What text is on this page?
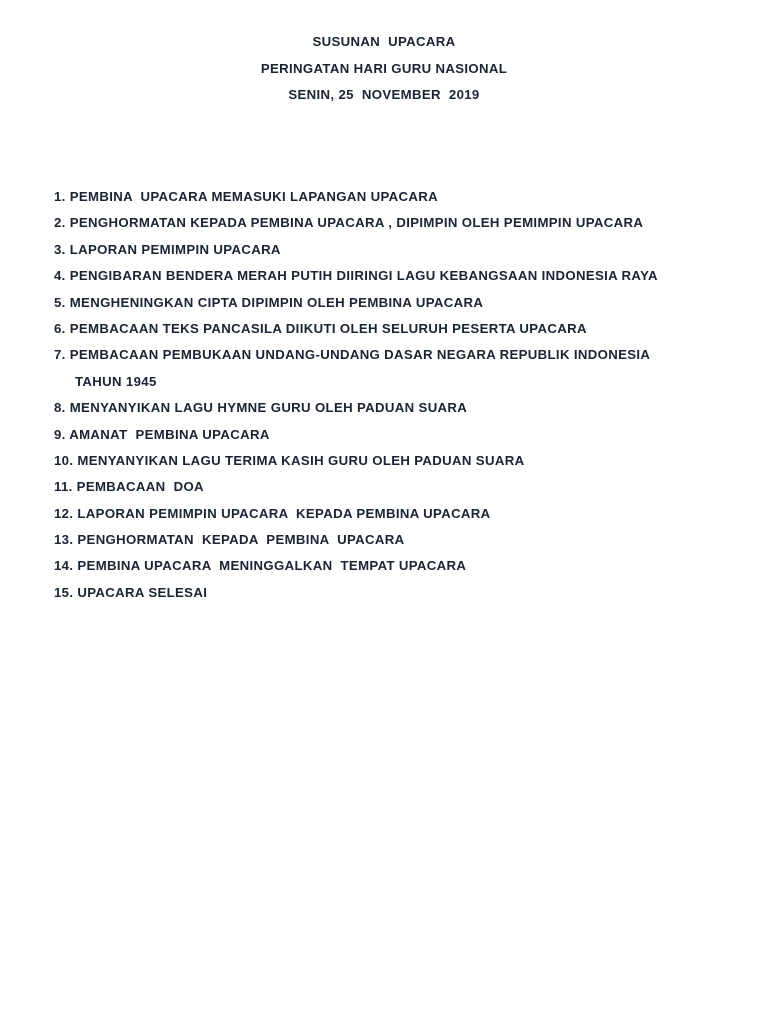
SUSUNAN  UPACARA
PERINGATAN HARI GURU NASIONAL
SENIN, 25  NOVEMBER  2019
1. PEMBINA  UPACARA MEMASUKI LAPANGAN UPACARA
2. PENGHORMATAN KEPADA PEMBINA UPACARA , DIPIMPIN OLEH PEMIMPIN UPACARA
3. LAPORAN PEMIMPIN UPACARA
4. PENGIBARAN BENDERA MERAH PUTIH DIIRINGI LAGU KEBANGSAAN INDONESIA RAYA
5. MENGHENINGKAN CIPTA DIPIMPIN OLEH PEMBINA UPACARA
6. PEMBACAAN TEKS PANCASILA DIIKUTI OLEH SELURUH PESERTA UPACARA
7. PEMBACAAN PEMBUKAAN UNDANG-UNDANG DASAR NEGARA REPUBLIK INDONESIA
TAHUN 1945
8. MENYANYIKAN LAGU HYMNE GURU OLEH PADUAN SUARA
9. AMANAT  PEMBINA UPACARA
10. MENYANYIKAN LAGU TERIMA KASIH GURU OLEH PADUAN SUARA
11. PEMBACAAN  DOA
12. LAPORAN PEMIMPIN UPACARA  KEPADA PEMBINA UPACARA
13. PENGHORMATAN  KEPADA  PEMBINA  UPACARA
14. PEMBINA UPACARA  MENINGGALKAN  TEMPAT UPACARA
15. UPACARA SELESAI
